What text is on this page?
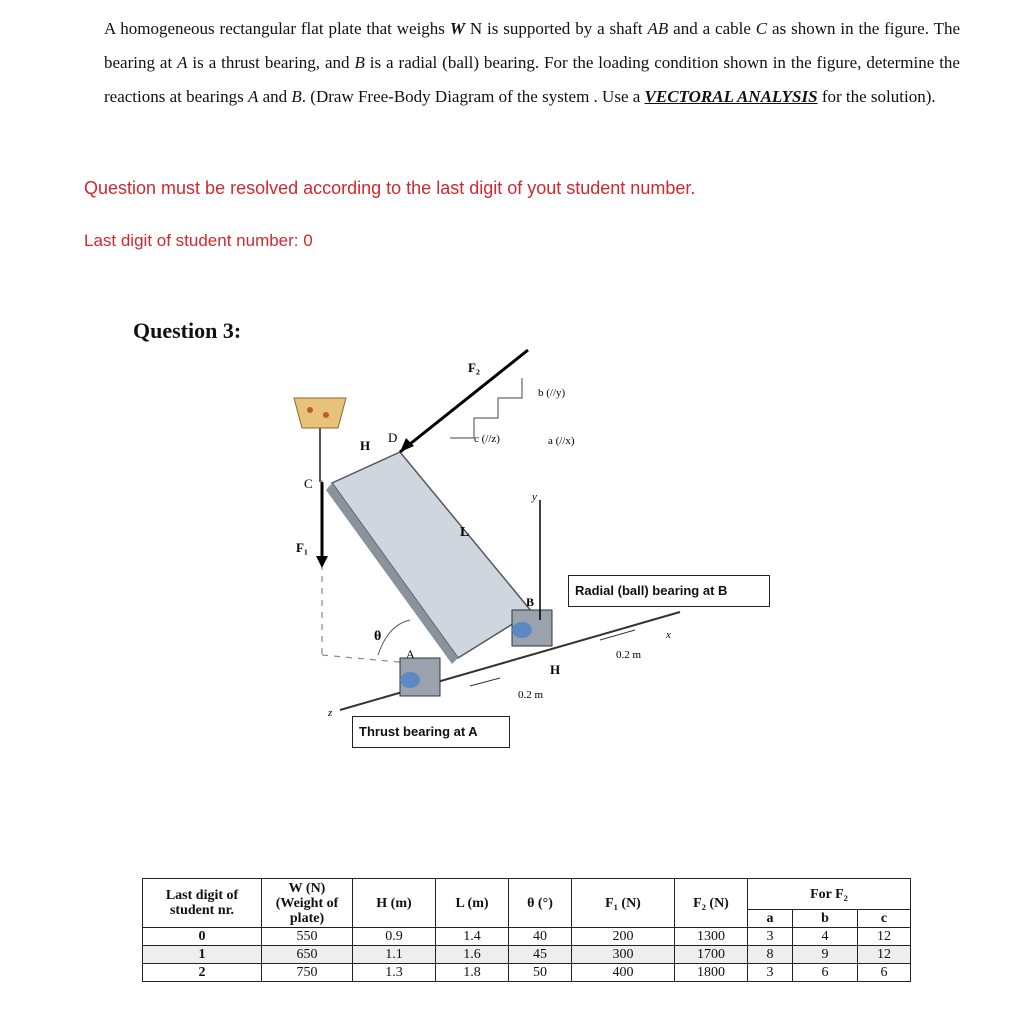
A homogeneous rectangular flat plate that weighs W N is supported by a shaft AB and a cable C as shown in the figure. The bearing at A is a thrust bearing, and B is a radial (ball) bearing. For the loading condition shown in the figure, determine the reactions at bearings A and B. (Draw Free-Body Diagram of the system . Use a VECTORAL ANALYSIS for the solution).
Question must be resolved according to the last digit of yout student number.
Last digit of student number: 0
Question 3:
F₂
b (//y)
c (//z)	a (//x)
H
D
C
F₁
L
y
B
θ
A
H
0.2 m
0.2 m
x
z
Radial (ball) bearing at B
Thrust bearing at A
Last digit of student nr.	W (N) (Weight of plate)	H (m)	L (m)	θ (°)	F₁ (N)	F₂ (N)	For F₂		
							a	b	c
0	550	0.9	1.4	40	200	1300	3	4	12
1	650	1.1	1.6	45	300	1700	8	9	12
2	750	1.3	1.8	50	400	1800	3	6	6
